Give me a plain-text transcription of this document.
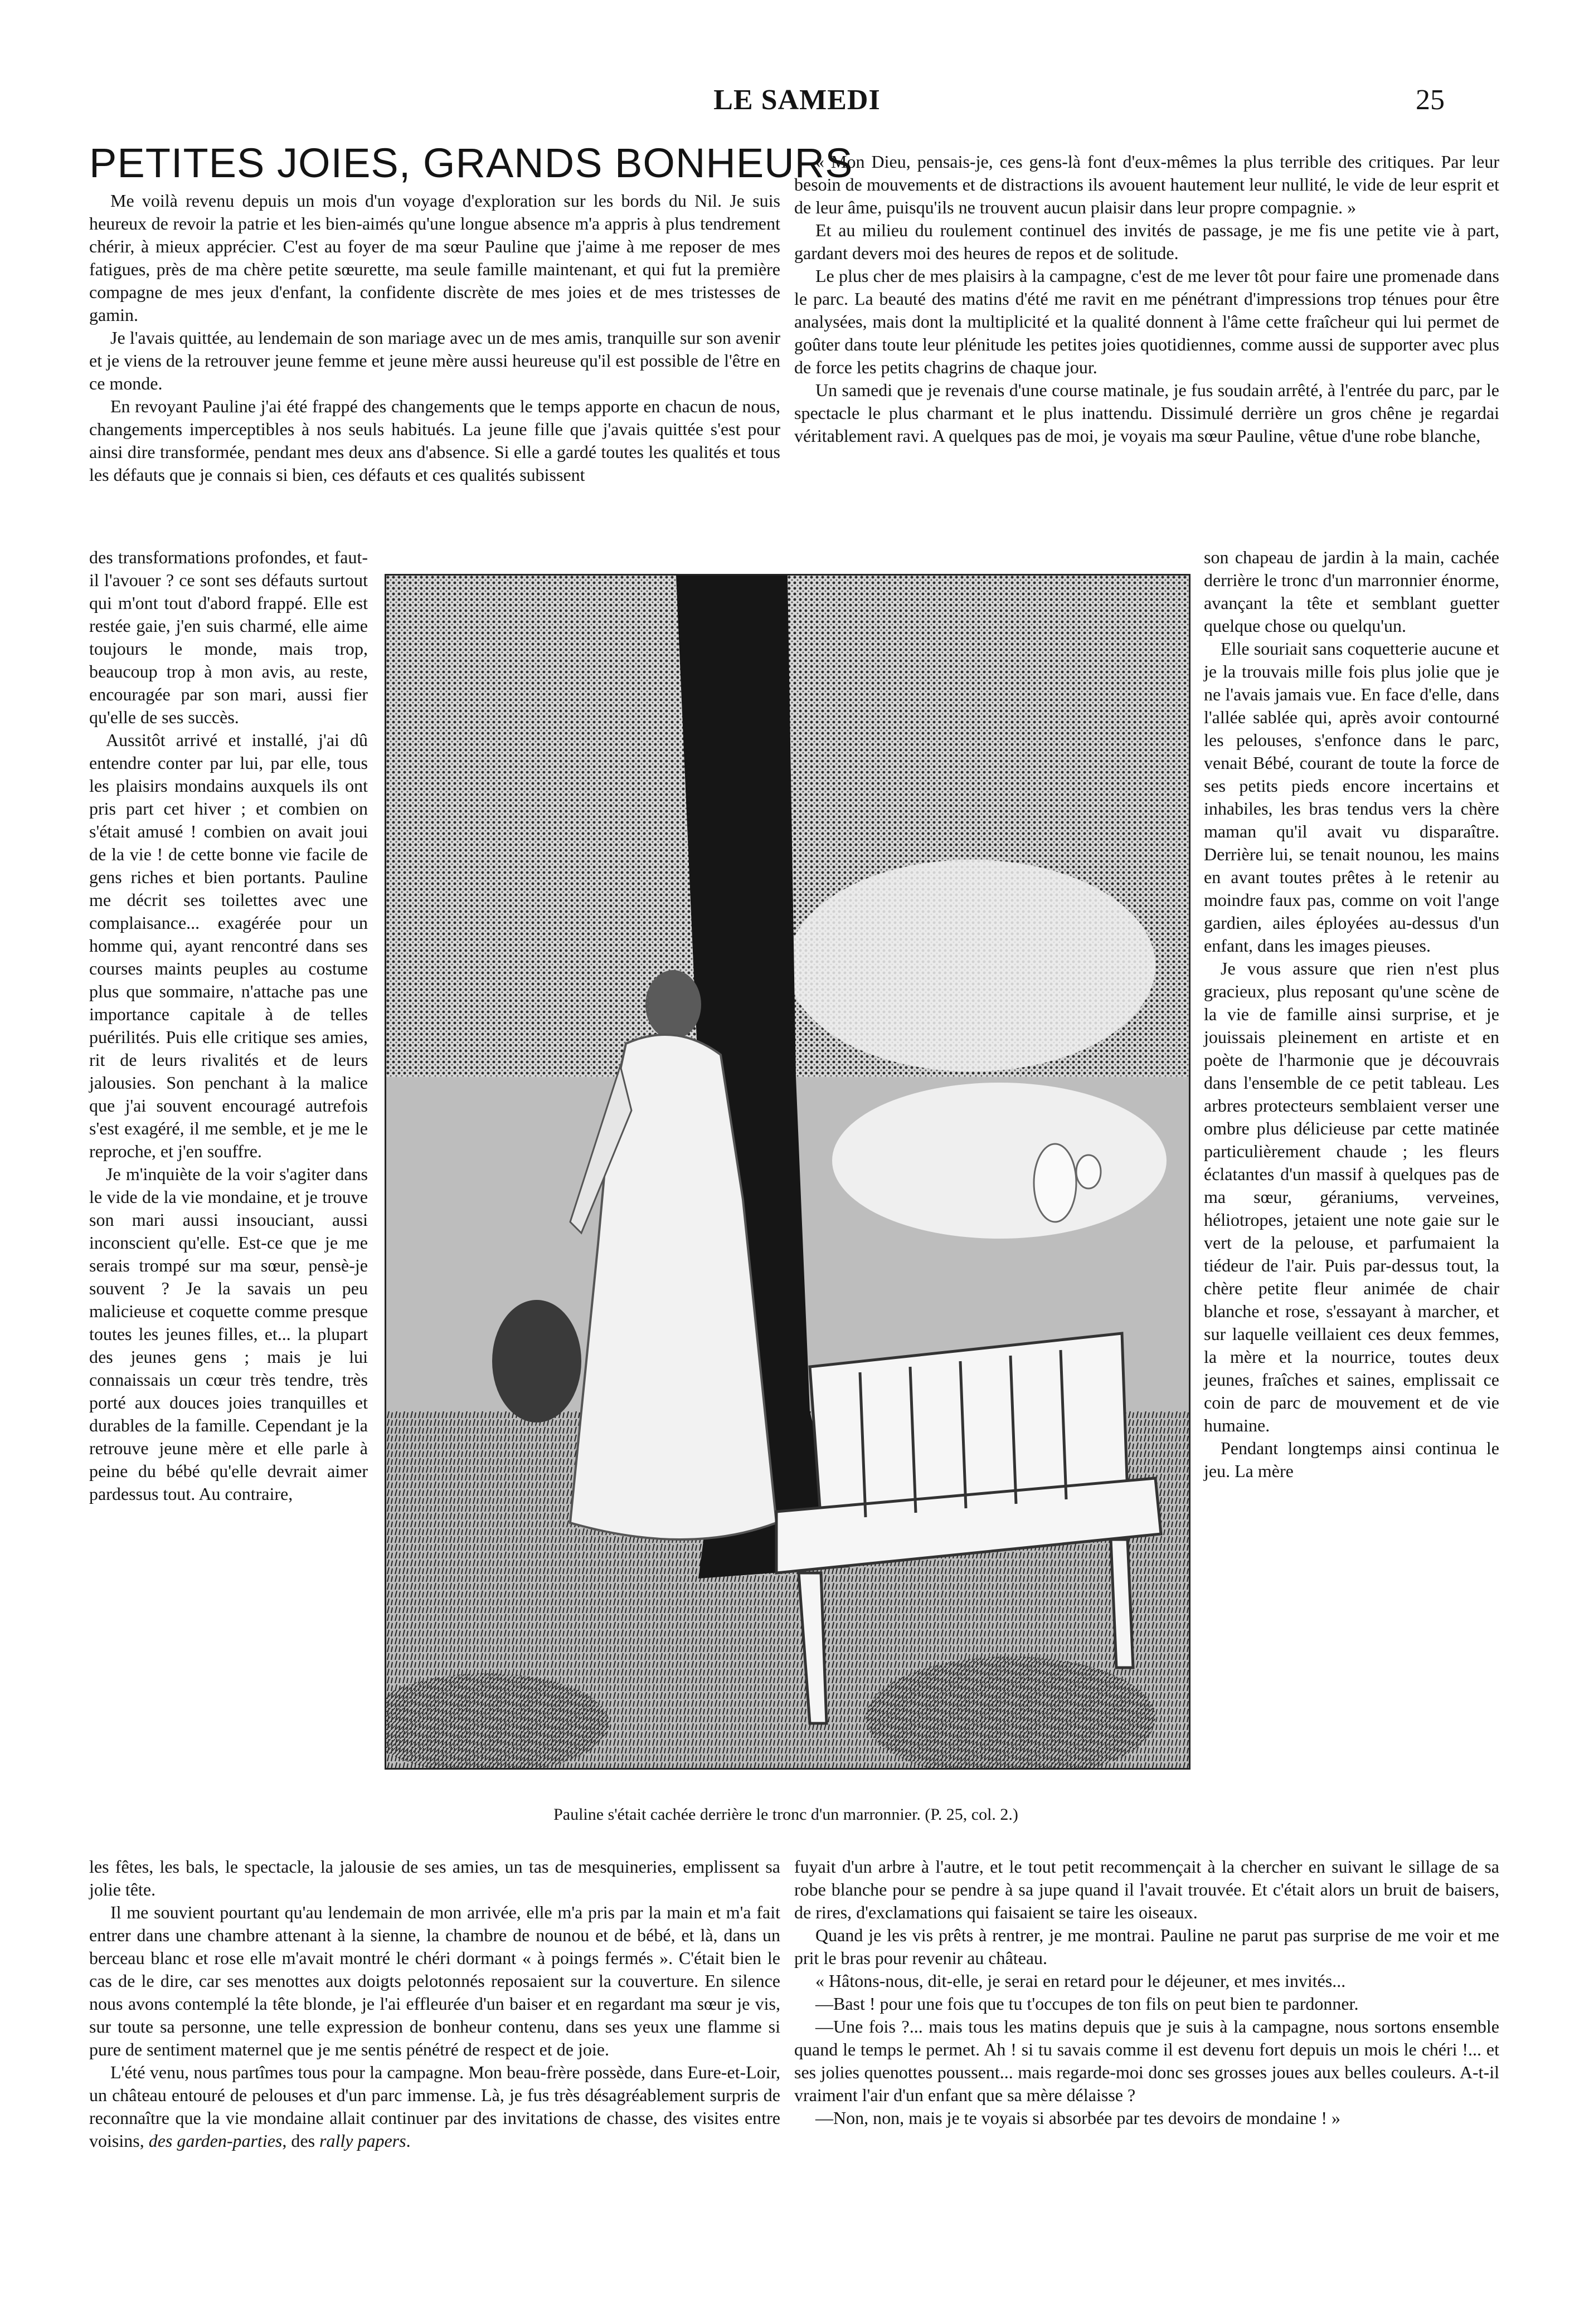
LE SAMEDI	25
PETITES JOIES, GRANDS BONHEURS

Me voilà revenu depuis un mois d'un voyage d'exploration sur les bords du Nil. Je suis heureux de revoir la patrie et les bien-aimés qu'une longue absence m'a appris à plus tendrement chérir, à mieux apprécier. C'est au foyer de ma sœur Pauline que j'aime à me reposer de mes fatigues, près de ma chère petite sœurette, ma seule famille maintenant, et qui fut la première compagne de mes jeux d'enfant, la confidente discrète de mes joies et de mes tristesses de gamin.

Je l'avais quittée, au lendemain de son mariage avec un de mes amis, tranquille sur son avenir et je viens de la retrouver jeune femme et jeune mère aussi heureuse qu'il est possible de l'être en ce monde.

En revoyant Pauline j'ai été frappé des changements que le temps apporte en chacun de nous, changements imperceptibles à nos seuls habitués. La jeune fille que j'avais quittée s'est pour ainsi dire transformée, pendant mes deux ans d'absence. Si elle a gardé toutes les qualités et tous les défauts que je connais si bien, ces défauts et ces qualités subissent

des transformations profondes, et faut-il l'avouer ? ce sont ses défauts surtout qui m'ont tout d'abord frappé. Elle est restée gaie, j'en suis charmé, elle aime toujours le monde, mais trop, beaucoup trop à mon avis, au reste, encouragée par son mari, aussi fier qu'elle de ses succès.

Aussitôt arrivé et installé, j'ai dû entendre conter par lui, par elle, tous les plaisirs mondains auxquels ils ont pris part cet hiver ; et combien on s'était amusé ! combien on avait joui de la vie ! de cette bonne vie facile de gens riches et bien portants. Pauline me décrit ses toilettes avec une complaisance... exagérée pour un homme qui, ayant rencontré dans ses courses maints peuples au costume plus que sommaire, n'attache pas une importance capitale à de telles puérilités. Puis elle critique ses amies, rit de leurs rivalités et de leurs jalousies. Son penchant à la malice que j'ai souvent encouragé autrefois s'est exagéré, il me semble, et je me le reproche, et j'en souffre.

Je m'inquiète de la voir s'agiter dans le vide de la vie mondaine, et je trouve son mari aussi insouciant, aussi inconscient qu'elle. Est-ce que je me serais trompé sur ma sœur, pensè-je souvent ? Je la savais un peu malicieuse et coquette comme presque toutes les jeunes filles, et... la plupart des jeunes gens ; mais je lui connaissais un cœur très tendre, très porté aux douces joies tranquilles et durables de la famille. Cependant je la retrouve jeune mère et elle parle à peine du bébé qu'elle devrait aimer pardessus tout. Au contraire,

« Mon Dieu, pensais-je, ces gens-là font d'eux-mêmes la plus terrible des critiques. Par leur besoin de mouvements et de distractions ils avouent hautement leur nullité, le vide de leur esprit et de leur âme, puisqu'ils ne trouvent aucun plaisir dans leur propre compagnie. »

Et au milieu du roulement continuel des invités de passage, je me fis une petite vie à part, gardant devers moi des heures de repos et de solitude.

Le plus cher de mes plaisirs à la campagne, c'est de me lever tôt pour faire une promenade dans le parc. La beauté des matins d'été me ravit en me pénétrant d'impressions trop ténues pour être analysées, mais dont la multiplicité et la qualité donnent à l'âme cette fraîcheur qui lui permet de goûter dans toute leur plénitude les petites joies quotidiennes, comme aussi de supporter avec plus de force les petits chagrins de chaque jour.

Un samedi que je revenais d'une course matinale, je fus soudain arrêté, à l'entrée du parc, par le spectacle le plus charmant et le plus inattendu. Dissimulé derrière un gros chêne je regardai véritablement ravi. A quelques pas de moi, je voyais ma sœur Pauline, vêtue d'une robe blanche,

son chapeau de jardin à la main, cachée derrière le tronc d'un marronnier énorme, avançant la tête et semblant guetter quelque chose ou quelqu'un.

Elle souriait sans coquetterie aucune et je la trouvais mille fois plus jolie que je ne l'avais jamais vue. En face d'elle, dans l'allée sablée qui, après avoir contourné les pelouses, s'enfonce dans le parc, venait Bébé, courant de toute la force de ses petits pieds encore incertains et inhabiles, les bras tendus vers la chère maman qu'il avait vu disparaître. Derrière lui, se tenait nounou, les mains en avant toutes prêtes à le retenir au moindre faux pas, comme on voit l'ange gardien, ailes éployées au-dessus d'un enfant, dans les images pieuses.

Je vous assure que rien n'est plus gracieux, plus reposant qu'une scène de la vie de famille ainsi surprise, et je jouissais pleinement en artiste et en poète de l'harmonie que je découvrais dans l'ensemble de ce petit tableau. Les arbres protecteurs semblaient verser une ombre plus délicieuse par cette matinée particulièrement chaude ; les fleurs éclatantes d'un massif à quelques pas de ma sœur, géraniums, verveines, héliotropes, jetaient une note gaie sur le vert de la pelouse, et parfumaient la tiédeur de l'air. Puis par-dessus tout, la chère petite fleur animée de chair blanche et rose, s'essayant à marcher, et sur laquelle veillaient ces deux femmes, la mère et la nourrice, toutes deux jeunes, fraîches et saines, emplissait ce coin de parc de mouvement et de vie humaine.

Pendant longtemps ainsi continua le jeu. La mère

Pauline s'était cachée derrière le tronc d'un marronnier. (P. 25, col. 2.)

les fêtes, les bals, le spectacle, la jalousie de ses amies, un tas de mesquineries, emplissent sa jolie tête.

Il me souvient pourtant qu'au lendemain de mon arrivée, elle m'a pris par la main et m'a fait entrer dans une chambre attenant à la sienne, la chambre de nounou et de bébé, et là, dans un berceau blanc et rose elle m'avait montré le chéri dormant « à poings fermés ». C'était bien le cas de le dire, car ses menottes aux doigts pelotonnés reposaient sur la couverture. En silence nous avons contemplé la tête blonde, je l'ai effleurée d'un baiser et en regardant ma sœur je vis, sur toute sa personne, une telle expression de bonheur contenu, dans ses yeux une flamme si pure de sentiment maternel que je me sentis pénétré de respect et de joie.

L'été venu, nous partîmes tous pour la campagne. Mon beau-frère possède, dans Eure-et-Loir, un château entouré de pelouses et d'un parc immense. Là, je fus très désagréablement surpris de reconnaître que la vie mondaine allait continuer par des invitations de chasse, des visites entre voisins, des garden-parties, des rally papers.

fuyait d'un arbre à l'autre, et le tout petit recommençait à la chercher en suivant le sillage de sa robe blanche pour se pendre à sa jupe quand il l'avait trouvée. Et c'était alors un bruit de baisers, de rires, d'exclamations qui faisaient se taire les oiseaux.

Quand je les vis prêts à rentrer, je me montrai. Pauline ne parut pas surprise de me voir et me prit le bras pour revenir au château.

« Hâtons-nous, dit-elle, je serai en retard pour le déjeuner, et mes invités...

—Bast ! pour une fois que tu t'occupes de ton fils on peut bien te pardonner.

—Une fois ?... mais tous les matins depuis que je suis à la campagne, nous sortons ensemble quand le temps le permet. Ah ! si tu savais comme il est devenu fort depuis un mois le chéri !... et ses jolies quenottes poussent... mais regarde-moi donc ses grosses joues aux belles couleurs. A-t-il vraiment l'air d'un enfant que sa mère délaisse ?

—Non, non, mais je te voyais si absorbée par tes devoirs de mondaine ! »
